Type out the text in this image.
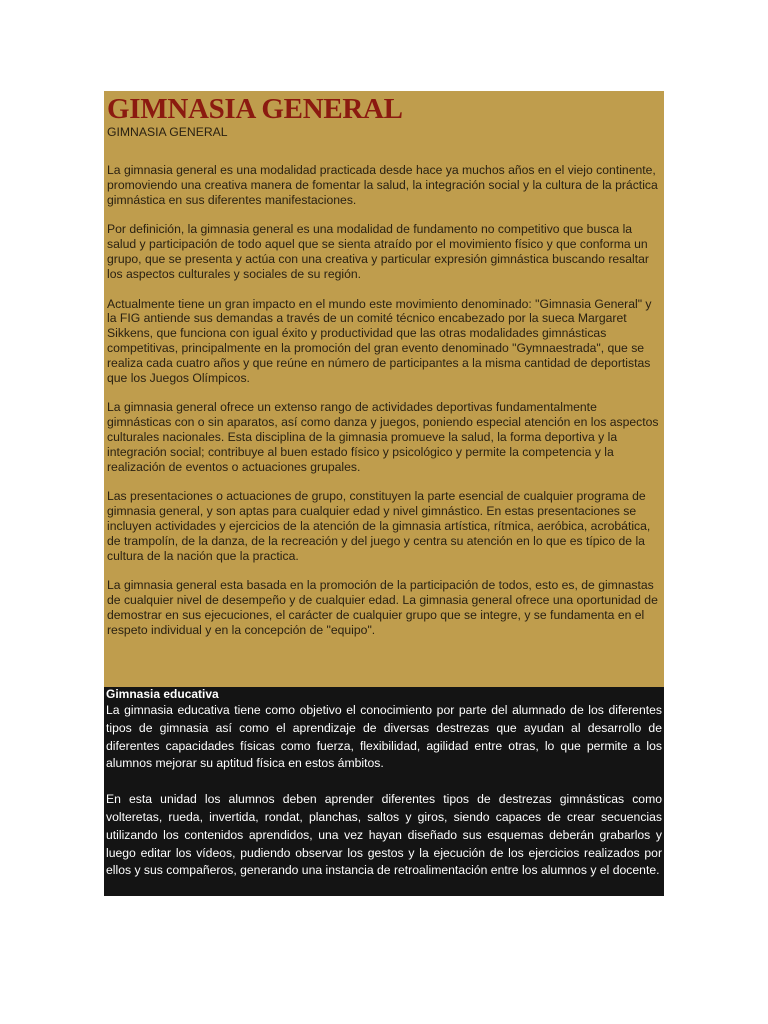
GIMNASIA GENERAL
GIMNASIA GENERAL

La gimnasia general es una modalidad practicada desde hace ya muchos años en el viejo continente, promoviendo una creativa manera de fomentar la salud, la integración social y la cultura de la práctica gimnástica en sus diferentes manifestaciones.

Por definición, la gimnasia general es una modalidad de fundamento no competitivo que busca la salud y participación de todo aquel que se sienta atraído por el movimiento físico y que conforma un grupo, que se presenta y actúa con una creativa y particular expresión gimnástica buscando resaltar los aspectos culturales y sociales de su región.

Actualmente tiene un gran impacto en el mundo este movimiento denominado: "Gimnasia General" y la FIG antiende sus demandas a través de un comité técnico encabezado por la sueca Margaret Sikkens, que funciona con igual éxito y productividad que las otras modalidades gimnásticas competitivas, principalmente en la promoción del gran evento denominado "Gymnaestrada", que se realiza cada cuatro años y que reúne en número de participantes a la misma cantidad de deportistas que los Juegos Olímpicos.

La gimnasia general ofrece un extenso rango de actividades deportivas fundamentalmente gimnásticas con o sin aparatos, así como danza y juegos, poniendo especial atención en los aspectos culturales nacionales. Esta disciplina de la gimnasia promueve la salud, la forma deportiva y la integración social; contribuye al buen estado físico y psicológico y permite la competencia y la realización de eventos o actuaciones grupales.

Las presentaciones o actuaciones de grupo, constituyen la parte esencial de cualquier programa de gimnasia general, y son aptas para cualquier edad y nivel gimnástico. En estas presentaciones se incluyen actividades y ejercicios de la atención de la gimnasia artística, rítmica, aeróbica, acrobática, de trampolín, de la danza, de la recreación y del juego y centra su atención en lo que es típico de la cultura de la nación que la practica.

La gimnasia general esta basada en la promoción de la participación de todos, esto es, de gimnastas de cualquier nivel de desempeño y de cualquier edad. La gimnasia general ofrece una oportunidad de demostrar en sus ejecuciones, el carácter de cualquier grupo que se integre, y se fundamenta en el respeto individual y en la concepción de "equipo".

Gimnasia educativa

La gimnasia educativa tiene como objetivo el conocimiento por parte del alumnado de los diferentes tipos de gimnasia así como el aprendizaje de diversas destrezas que ayudan al desarrollo de diferentes capacidades físicas como fuerza, flexibilidad, agilidad entre otras, lo que permite a los alumnos mejorar su aptitud física en estos ámbitos.

En esta unidad los alumnos deben aprender diferentes tipos de destrezas gimnásticas como volteretas, rueda, invertida, rondat, planchas, saltos y giros, siendo capaces de crear secuencias utilizando los contenidos aprendidos, una vez hayan diseñado sus esquemas deberán grabarlos y luego editar los vídeos, pudiendo observar los gestos y la ejecución de los ejercicios realizados por ellos y sus compañeros, generando una instancia de retroalimentación entre los alumnos y el docente.
